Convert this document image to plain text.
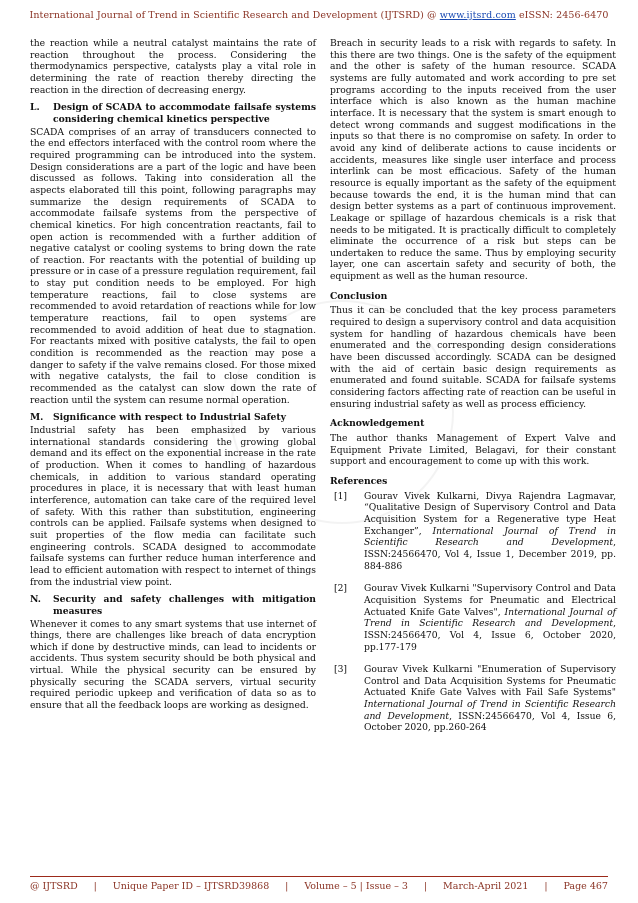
International Journal of Trend in Scientific Research and Development (IJTSRD) @ www.ijtsrd.com eISSN: 2456-6470

the reaction while a neutral catalyst maintains the rate of reaction throughout the process. Considering the thermodynamics perspective, catalysts play a vital role in determining the rate of reaction thereby directing the reaction in the direction of decreasing energy.

L.	Design of SCADA to accommodate failsafe systems considering chemical kinetics perspective

SCADA comprises of an array of transducers connected to the end effectors interfaced with the control room where the required programming can be introduced into the system. Design considerations are a part of the logic and have been discussed as follows. Taking into consideration all the aspects elaborated till this point, following paragraphs may summarize the design requirements of SCADA to accommodate failsafe systems from the perspective of chemical kinetics. For high concentration reactants, fail to open action is recommended with a further addition of negative catalyst or cooling systems to bring down the rate of reaction. For reactants with the potential of building up pressure or in case of a pressure regulation requirement, fail to stay put condition needs to be employed. For high temperature reactions, fail to close systems are recommended to avoid retardation of reactions while for low temperature reactions, fail to open systems are recommended to avoid addition of heat due to stagnation. For reactants mixed with positive catalysts, the fail to open condition is recommended as the reaction may pose a danger to safety if the valve remains closed. For those mixed with negative catalysts, the fail to close condition is recommended as the catalyst can slow down the rate of reaction until the system can resume normal operation.

M.	Significance with respect to Industrial Safety

Industrial safety has been emphasized by various international standards considering the growing global demand and its effect on the exponential increase in the rate of production. When it comes to handling of hazardous chemicals, in addition to various standard operating procedures in place, it is necessary that with least human interference, automation can take care of the required level of safety. With this rather than substitution, engineering controls can be applied. Failsafe systems when designed to suit properties of the flow media can facilitate such engineering controls. SCADA designed to accommodate failsafe systems can further reduce human interference and lead to efficient automation with respect to internet of things from the industrial view point.

N.	Security and safety challenges with mitigation measures

Whenever it comes to any smart systems that use internet of things, there are challenges like breach of data encryption which if done by destructive minds, can lead to incidents or accidents. Thus system security should be both physical and virtual. While the physical security can be ensured by physically securing the SCADA servers, virtual security required periodic upkeep and verification of data so as to ensure that all the feedback loops are working as designed.

Breach in security leads to a risk with regards to safety. In this there are two things. One is the safety of the equipment and the other is safety of the human resource. SCADA systems are fully automated and work according to pre set programs according to the inputs received from the user interface which is also known as the human machine interface. It is necessary that the system is smart enough to detect wrong commands and suggest modifications in the inputs so that there is no compromise on safety. In order to avoid any kind of deliberate actions to cause incidents or accidents, measures like single user interface and process interlink can be most efficacious. Safety of the human resource is equally important as the safety of the equipment because towards the end, it is the human mind that can design better systems as a part of continuous improvement. Leakage or spillage of hazardous chemicals is a risk that needs to be mitigated. It is practically difficult to completely eliminate the occurrence of a risk but steps can be undertaken to reduce the same. Thus by employing security layer, one can ascertain safety and security of both, the equipment as well as the human resource.

Conclusion

Thus it can be concluded that the key process parameters required to design a supervisory control and data acquisition system for handling of hazardous chemicals have been enumerated and the corresponding design considerations have been discussed accordingly. SCADA can be designed with the aid of certain basic design requirements as enumerated and found suitable. SCADA for failsafe systems considering factors affecting rate of reaction can be useful in ensuring industrial safety as well as process efficiency.

Acknowledgement

The author thanks Management of Expert Valve and Equipment Private Limited, Belagavi, for their constant support and encouragement to come up with this work.

References
[1]	Gourav Vivek Kulkarni, Divya Rajendra Lagmavar, “Qualitative Design of Supervisory Control and Data Acquisition System for a Regenerative type Heat Exchanger”, International Journal of Trend in Scientific Research and Development, ISSN:24566470, Vol 4, Issue 1, December 2019, pp. 884-886
[2]	Gourav Vivek Kulkarni "Supervisory Control and Data Acquisition Systems for Pneumatic and Electrical Actuated Knife Gate Valves", International Journal of Trend in Scientific Research and Development, ISSN:24566470, Vol 4, Issue 6, October 2020, pp.177-179
[3]	Gourav Vivek Kulkarni "Enumeration of Supervisory Control and Data Acquisition Systems for Pneumatic Actuated Knife Gate Valves with Fail Safe Systems" International Journal of Trend in Scientific Research and Development, ISSN:24566470, Vol 4, Issue 6, October 2020, pp.260-264
@ IJTSRD | Unique Paper ID – IJTSRD39868 | Volume – 5 | Issue – 3 | March-April 2021 | Page 467
